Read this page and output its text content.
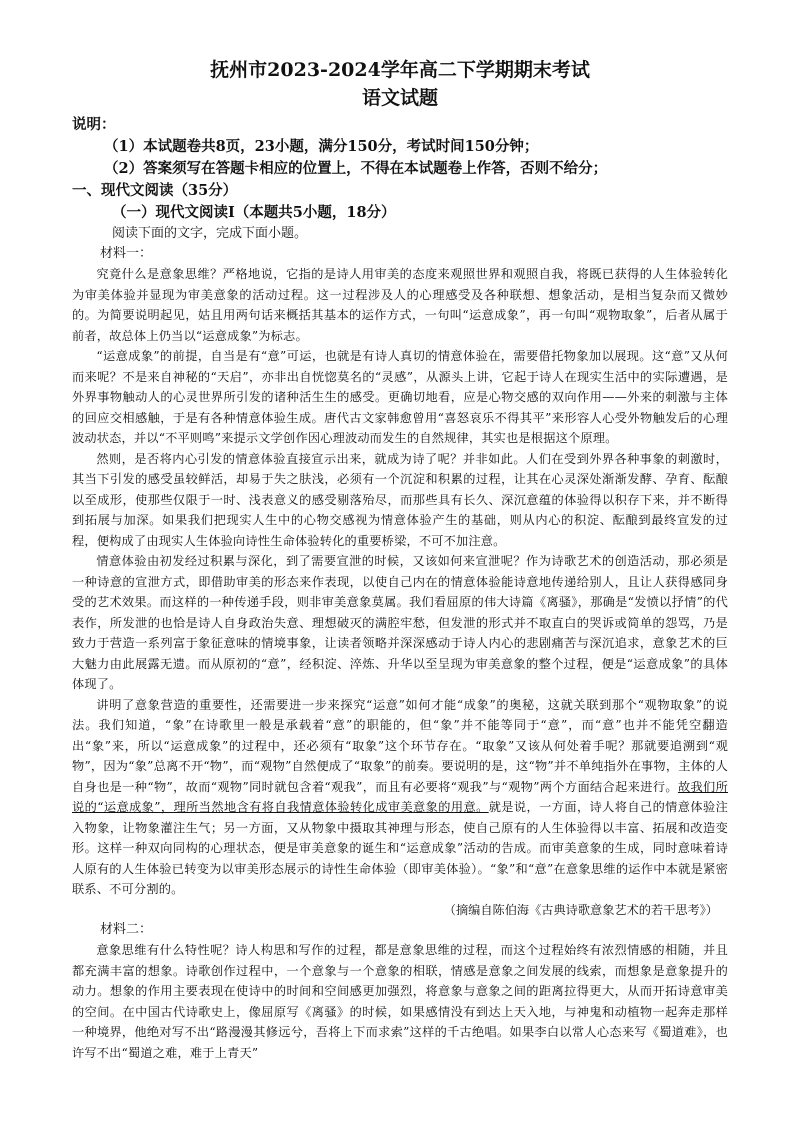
抚州市2023-2024学年高二下学期期末考试
语文试题

说明：

（1）本试题卷共8页，23小题，满分150分，考试时间150分钟；

（2）答案须写在答题卡相应的位置上，不得在本试题卷上作答，否则不给分；

一、现代文阅读（35分）

（一）现代文阅读Ⅰ（本题共5小题，18分）

阅读下面的文字，完成下面小题。

材料一：

究竟什么是意象思维？严格地说，它指的是诗人用审美的态度来观照世界和观照自我，将既已获得的人生体验转化为审美体验并显现为审美意象的活动过程。这一过程涉及人的心理感受及各种联想、想象活动，是相当复杂而又微妙的。为简要说明起见，姑且用两句话来概括其基本的运作方式，一句叫“运意成象”，再一句叫“观物取象”，后者从属于前者，故总体上仍当以“运意成象”为标志。

“运意成象”的前提，自当是有“意”可运，也就是有诗人真切的情意体验在，需要借托物象加以展现。这“意”又从何而来呢？不是来自神秘的“天启”，亦非出自恍惚莫名的“灵感”，从源头上讲，它起于诗人在现实生活中的实际遭遇，是外界事物触动人的心灵世界所引发的诸种活生生的感受。更确切地看，应是心物交感的双向作用——外来的刺激与主体的回应交相感触，于是有各种情意体验生成。唐代古文家韩愈曾用“喜怒哀乐不得其平”来形容人心受外物触发后的心理波动状态，并以“不平则鸣”来提示文学创作因心理波动而发生的自然规律，其实也是根据这个原理。

然则，是否将内心引发的情意体验直接宣示出来，就成为诗了呢？并非如此。人们在受到外界各种事象的刺激时，其当下引发的感受虽较鲜活，却易于失之肤浅，必须有一个沉淀和积累的过程，让其在心灵深处渐渐发酵、孕育、酝酿以至成形，使那些仅限于一时、浅表意义的感受剔落殆尽，而那些具有长久、深沉意蕴的体验得以积存下来，并不断得到拓展与加深。如果我们把现实人生中的心物交感视为情意体验产生的基础，则从内心的积淀、酝酿到最终宣发的过程，便构成了由现实人生体验向诗性生命体验转化的重要桥梁，不可不加注意。

情意体验由初发经过积累与深化，到了需要宣泄的时候，又该如何来宣泄呢？作为诗歌艺术的创造活动，那必须是一种诗意的宣泄方式，即借助审美的形态来作表现，以使自己内在的情意体验能诗意地传递给别人，且让人获得感同身受的艺术效果。而这样的一种传递手段，则非审美意象莫属。我们看屈原的伟大诗篇《离骚》，那确是“发愤以抒情”的代表作，所发泄的也恰是诗人自身政治失意、理想破灭的满腔牢愁，但发泄的形式并不取直白的哭诉或简单的怨骂，乃是致力于营造一系列富于象征意味的情境事象，让读者领略并深深感动于诗人内心的悲剧痛苦与深沉追求，意象艺术的巨大魅力由此展露无遗。而从原初的“意”，经积淀、淬炼、升华以至呈现为审美意象的整个过程，便是“运意成象”的具体体现了。

讲明了意象营造的重要性，还需要进一步来探究“运意”如何才能“成象”的奥秘，这就关联到那个“观物取象”的说法。我们知道，“象”在诗歌里一般是承载着“意”的职能的，但“象”并不能等同于“意”，而“意”也并不能凭空翻造出“象”来，所以“运意成象”的过程中，还必须有“取象”这个环节存在。“取象”又该从何处着手呢？那就要追溯到“观物”，因为“象”总离不开“物”，而“观物”自然便成了“取象”的前奏。要说明的是，这“物”并不单纯指外在事物，主体的人自身也是一种“物”，故而“观物”同时就包含着“观我”，而且有必要将“观我”与“观物”两个方面结合起来进行。故我们所说的“运意成象”，理所当然地含有将自我情意体验转化成审美意象的用意。就是说，一方面，诗人将自己的情意体验注入物象，让物象灌注生气；另一方面，又从物象中摄取其神理与形态，使自己原有的人生体验得以丰富、拓展和改造变形。这样一种双向同构的心理状态，便是审美意象的诞生和“运意成象”活动的告成。而审美意象的生成，同时意味着诗人原有的人生体验已转变为以审美形态展示的诗性生命体验（即审美体验）。“象”和“意”在意象思维的运作中本就是紧密联系、不可分割的。

（摘编自陈伯海《古典诗歌意象艺术的若干思考》）

材料二：

意象思维有什么特性呢？诗人构思和写作的过程，都是意象思维的过程，而这个过程始终有浓烈情感的相随，并且都充满丰富的想象。诗歌创作过程中，一个意象与一个意象的相联，情感是意象之间发展的线索，而想象是意象提升的动力。想象的作用主要表现在使诗中的时间和空间感更加强烈，将意象与意象之间的距离拉得更大，从而开拓诗意审美的空间。在中国古代诗歌史上，像屈原写《离骚》的时候，如果感情没有到达上天入地，与神鬼和动植物一起奔走那样一种境界，他绝对写不出“路漫漫其修远兮，吾将上下而求索”这样的千古绝唱。如果李白以常人心态来写《蜀道难》，也许写不出“蜀道之难，难于上青天”
